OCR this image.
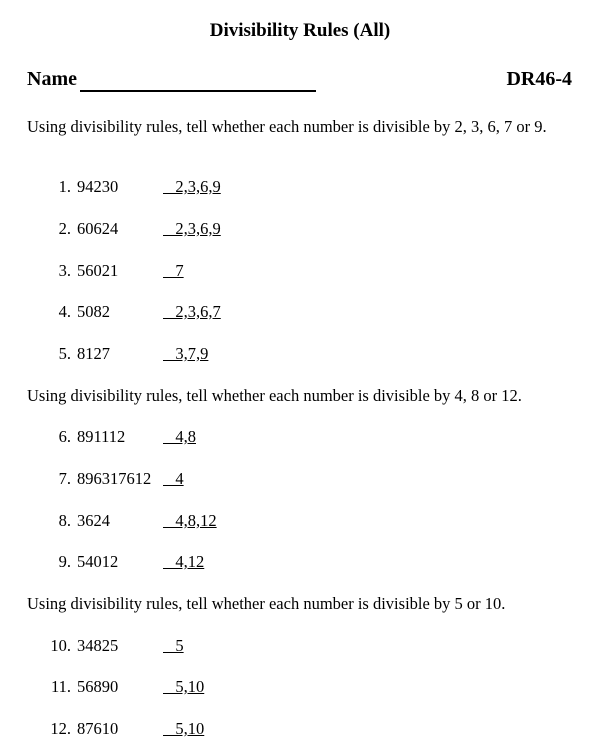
Divisibility Rules (All)
Name	DR46-4
Using divisibility rules, tell whether each number is divisible by 2, 3, 6, 7 or 9.
1. 94230	2,3,6,9
2. 60624	2,3,6,9
3. 56021	7
4. 5082	2,3,6,7
5. 8127	3,7,9
Using divisibility rules, tell whether each number is divisible by 4, 8 or 12.
6. 891112 4,8
7. 896317612 4
8. 3624	4,8,12
9. 54012	4,12
Using divisibility rules, tell whether each number is divisible by 5 or 10.
10. 34825	5
11. 56890	5,10
12. 87610	5,10
